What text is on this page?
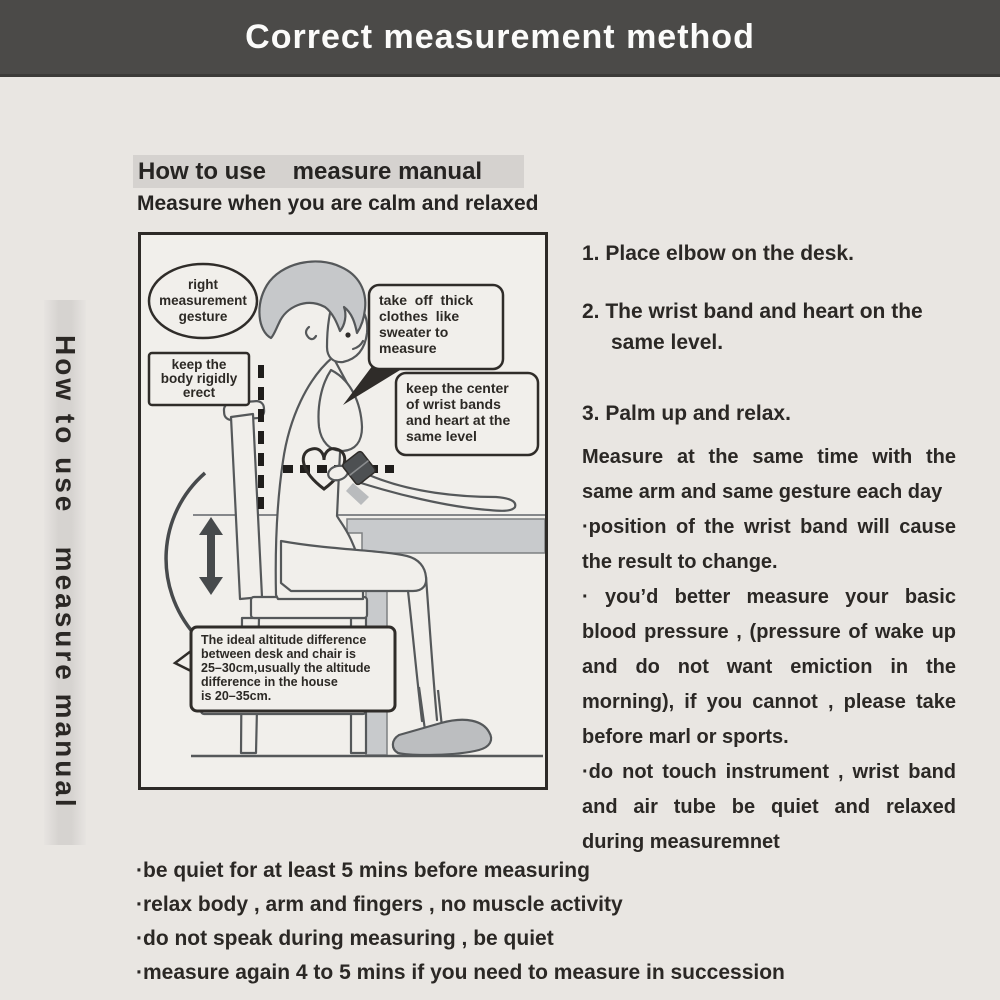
Correct measurement method
How to use   measure manual
How to use    measure manual
Measure when you are calm and relaxed
right
measurement
gesture
keep the
body rigidly
erect
take  off  thick
clothes  like
sweater to
measure
keep the center
of wrist bands
and heart at the
same level
The ideal altitude difference
between desk and chair is
25–30cm,usually the altitude
difference in the house
is 20–35cm.
1. Place elbow on the desk.
2. The wrist band and heart on the same level.
3. Palm up and relax.

Measure at the same time with the same arm and same gesture each day

·position of the wrist band will cause the result to change.

· you’d better measure your basic blood pressure , (pressure of wake up and do not want emiction in the morning), if you cannot , please take before marl or sports.

·do not touch instrument , wrist band and air tube be quiet and relaxed during measuremnet

·be quiet for at least 5 mins before measuring
·relax body , arm and fingers , no muscle activity
·do not speak during measuring , be quiet
·measure again 4 to 5 mins if you need to measure in succession
